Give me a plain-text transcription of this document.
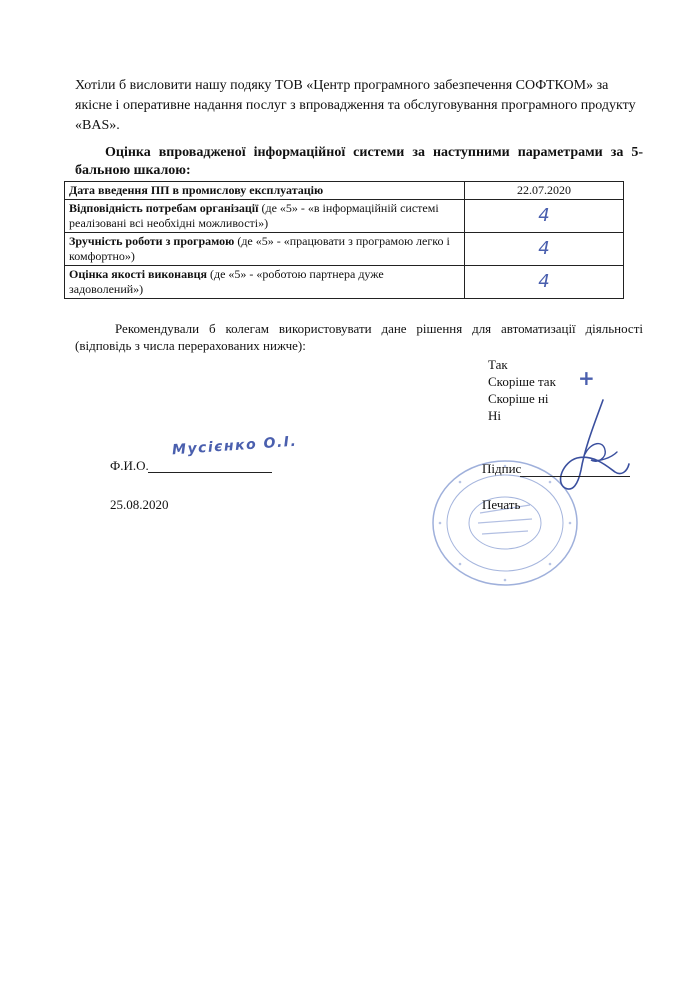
Хотіли б висловити нашу подяку ТОВ «Центр програмного забезпечення СОФТКОМ» за якісне і оперативне надання послуг з впровадження та обслуговування програмного продукту «BAS».
Оцінка впровадженої інформаційної системи за наступними параметрами за 5-бальною шкалою:
Дата введення ПП в промислову експлуатацію	22.07.2020
Відповідність потребам організації (де «5» - «в інформаційній системі реалізовані всі необхідні можливості»)	4
Зручність роботи з програмою (де «5» - «працювати з програмою легко і комфортно»)	4
Оцінка якості виконавця (де «5» - «роботою партнера дуже задоволений»)	4
Рекомендували б колегам використовувати дане рішення для автоматизації діяльності (відповідь з числа перерахованих нижче):
Так
Скоріше так
Скоріше ні
Ні
+
Мусієнко О.І.
Ф.И.О.	Підпис
25.08.2020	Печать
